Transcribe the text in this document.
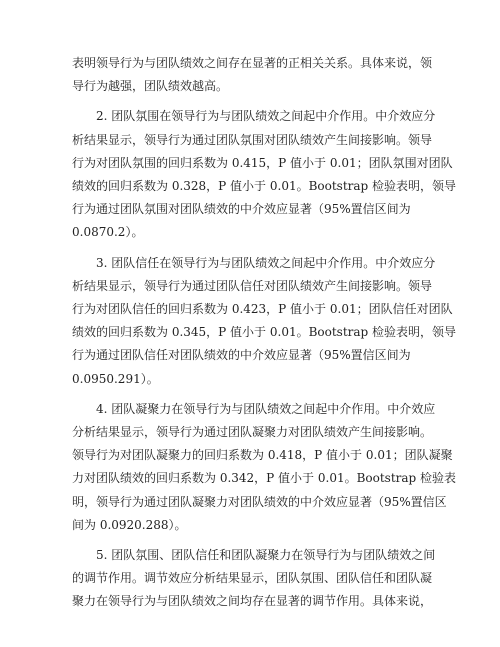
表明领导行为与团队绩效之间存在显著的正相关关系。具体来说，领
导行为越强，团队绩效越高。

2. 团队氛围在领导行为与团队绩效之间起中介作用。中介效应分
析结果显示，领导行为通过团队氛围对团队绩效产生间接影响。领导
行为对团队氛围的回归系数为 0.415，P 值小于 0.01；团队氛围对团队
绩效的回归系数为 0.328，P 值小于 0.01。Bootstrap 检验表明，领导
行为通过团队氛围对团队绩效的中介效应显著（95%置信区间为
0.0870.2）。

3. 团队信任在领导行为与团队绩效之间起中介作用。中介效应分
析结果显示，领导行为通过团队信任对团队绩效产生间接影响。领导
行为对团队信任的回归系数为 0.423，P 值小于 0.01；团队信任对团队
绩效的回归系数为 0.345，P 值小于 0.01。Bootstrap 检验表明，领导
行为通过团队信任对团队绩效的中介效应显著（95%置信区间为
0.0950.291）。

4. 团队凝聚力在领导行为与团队绩效之间起中介作用。中介效应
分析结果显示，领导行为通过团队凝聚力对团队绩效产生间接影响。
领导行为对团队凝聚力的回归系数为 0.418，P 值小于 0.01；团队凝聚
力对团队绩效的回归系数为 0.342，P 值小于 0.01。Bootstrap 检验表
明，领导行为通过团队凝聚力对团队绩效的中介效应显著（95%置信区
间为 0.0920.288）。

5. 团队氛围、团队信任和团队凝聚力在领导行为与团队绩效之间
的调节作用。调节效应分析结果显示，团队氛围、团队信任和团队凝
聚力在领导行为与团队绩效之间均存在显著的调节作用。具体来说，
